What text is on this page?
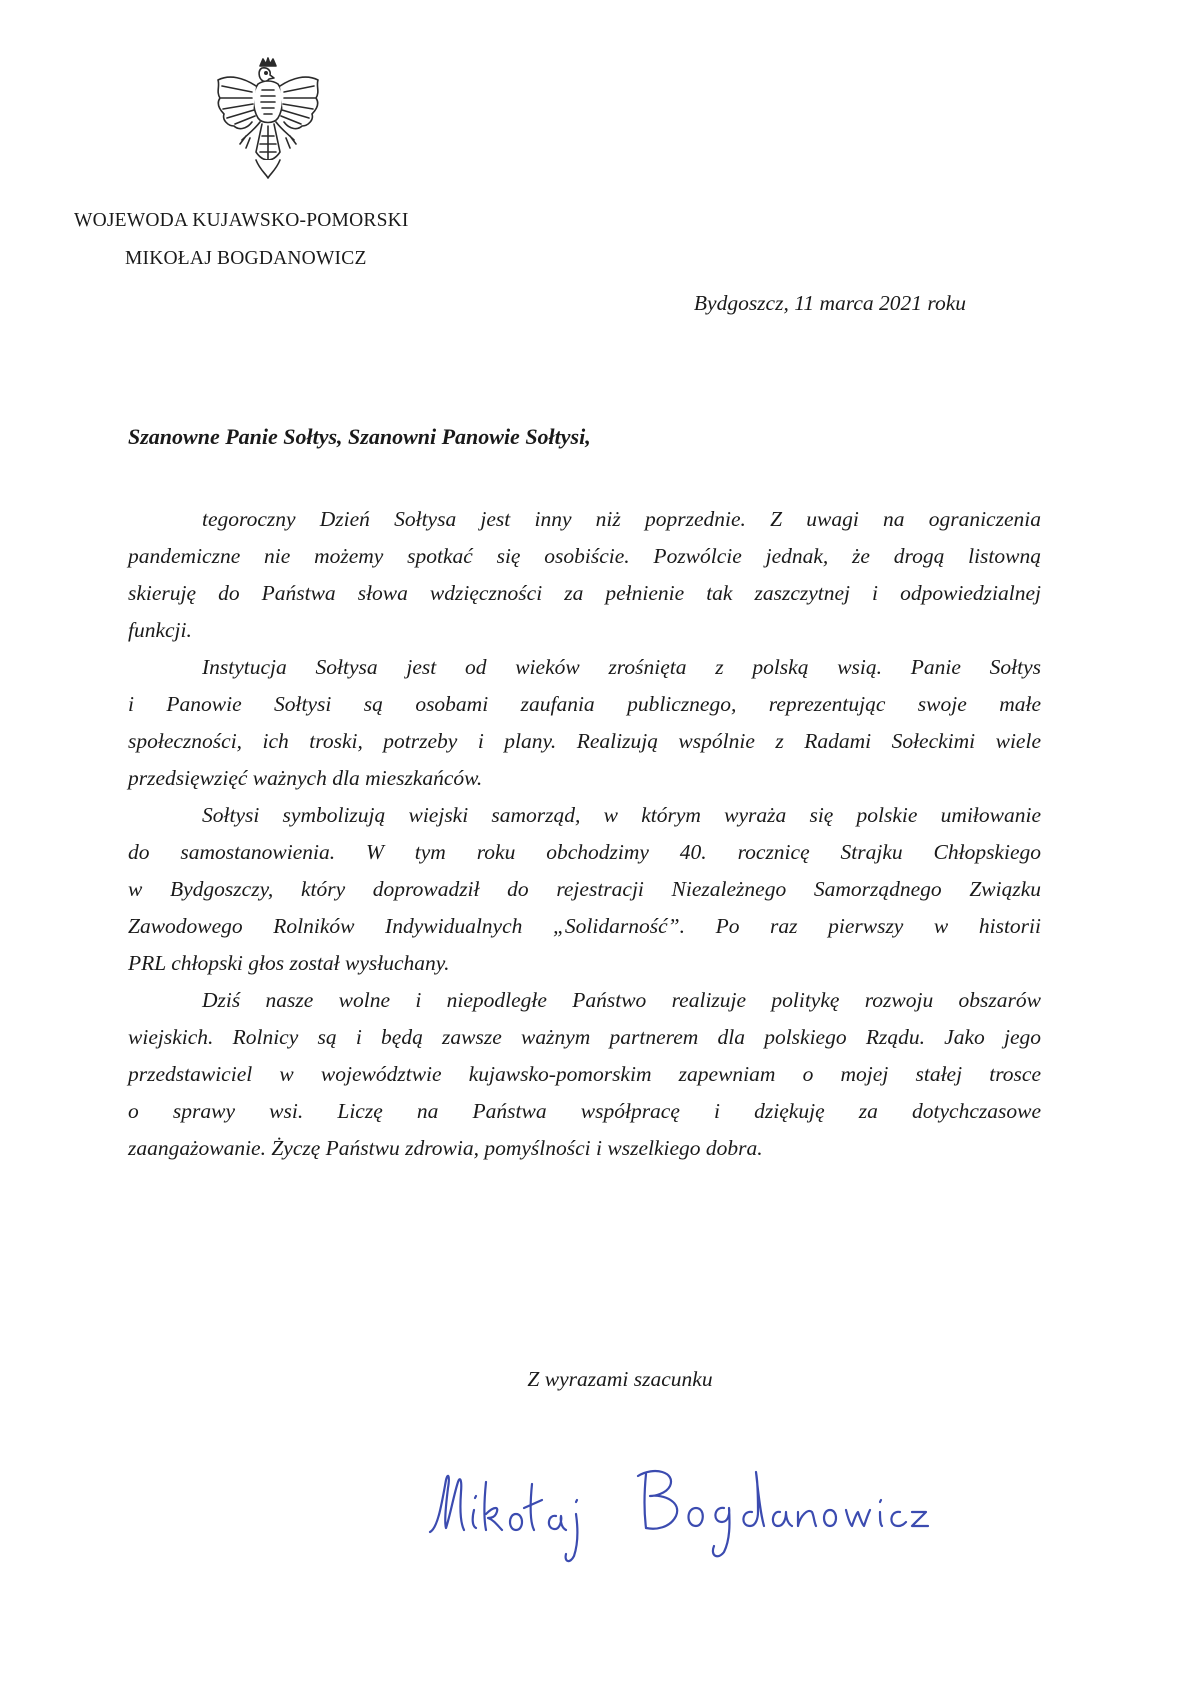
WOJEWODA KUJAWSKO-POMORSKI
MIKOŁAJ BOGDANOWICZ
Bydgoszcz, 11 marca 2021 roku
Szanowne Panie Sołtys, Szanowni Panowie Sołtysi,
tegoroczny Dzień Sołtysa jest inny niż poprzednie. Z uwagi na ograniczenia
pandemiczne nie możemy spotkać się osobiście. Pozwólcie jednak, że drogą listowną
skieruję do Państwa słowa wdzięczności za pełnienie tak zaszczytnej i odpowiedzialnej
funkcji.
Instytucja Sołtysa jest od wieków zrośnięta z polską wsią. Panie Sołtys
i Panowie Sołtysi są osobami zaufania publicznego, reprezentując swoje małe
społeczności, ich troski, potrzeby i plany. Realizują wspólnie z Radami Sołeckimi wiele
przedsięwzięć ważnych dla mieszkańców.
Sołtysi symbolizują wiejski samorząd, w którym wyraża się polskie umiłowanie
do samostanowienia. W tym roku obchodzimy 40. rocznicę Strajku Chłopskiego
w Bydgoszczy, który doprowadził do rejestracji Niezależnego Samorządnego Związku
Zawodowego Rolników Indywidualnych „Solidarność”. Po raz pierwszy w historii
PRL chłopski głos został wysłuchany.
Dziś nasze wolne i niepodległe Państwo realizuje politykę rozwoju obszarów
wiejskich. Rolnicy są i będą zawsze ważnym partnerem dla polskiego Rządu. Jako jego
przedstawiciel w województwie kujawsko-pomorskim zapewniam o mojej stałej trosce
o sprawy wsi. Liczę na Państwa współpracę i dziękuję za dotychczasowe
zaangażowanie. Życzę Państwu zdrowia, pomyślności i wszelkiego dobra.
Z wyrazami szacunku
